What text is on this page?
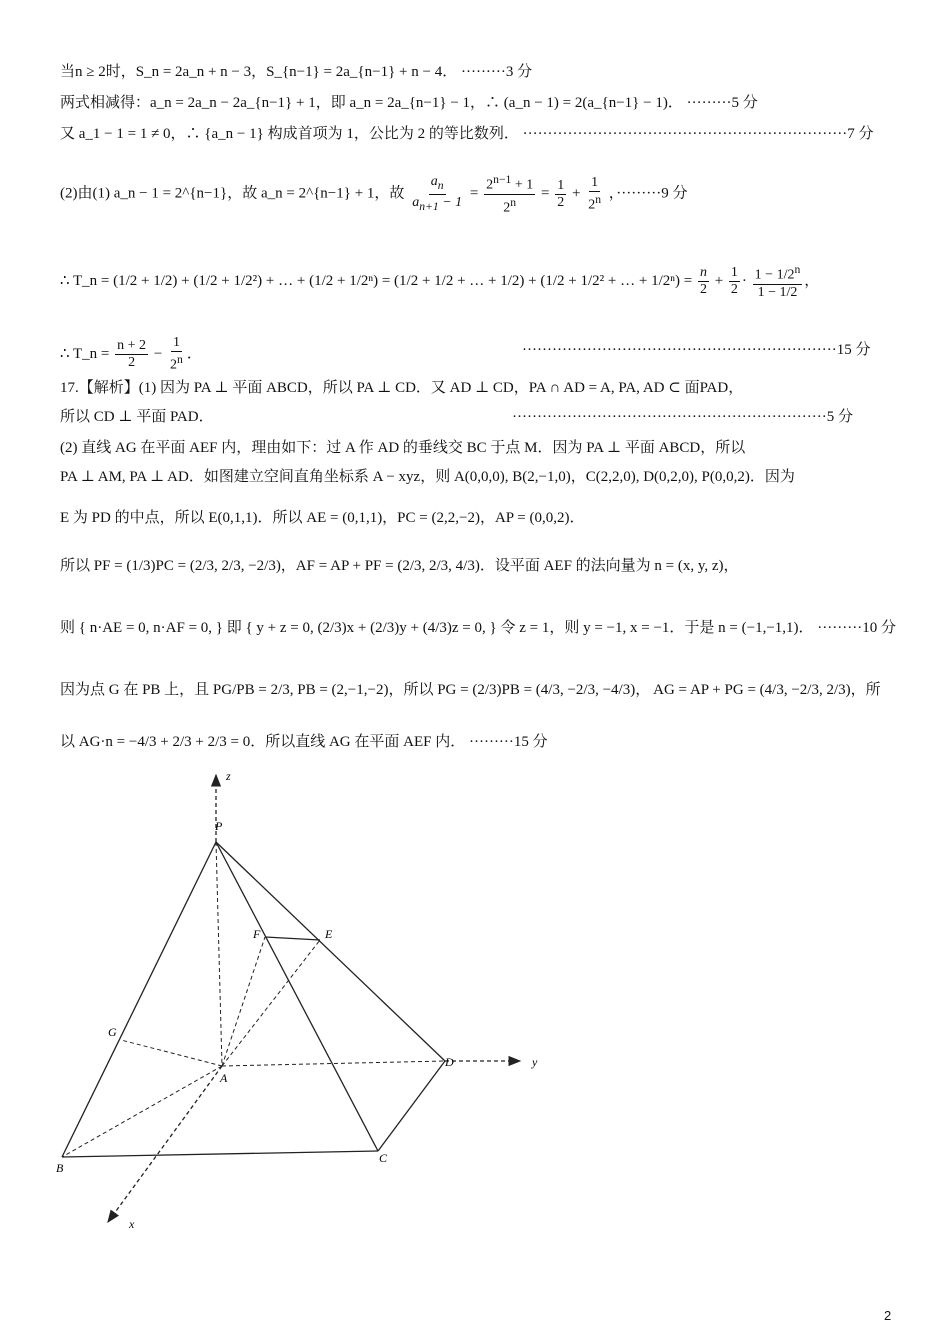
当n ≥ 2时，S_n = 2a_n + n − 3，S_{n−1} = 2a_{n−1} + n − 4． ·········3 分
两式相减得：a_n = 2a_n − 2a_{n−1} + 1，即 a_n = 2a_{n−1} − 1，∴ (a_n − 1) = 2(a_{n−1} − 1)． ·········5 分
又 a_1 − 1 = 1 ≠ 0，∴ {a_n − 1} 构成首项为 1，公比为 2 的等比数列． ·································································7 分
(2)由(1) a_n − 1 = 2^{n−1}，故 a_n = 2^{n−1} + 1，故 $\frac{a_n}{a_{n+1} - 1} = \frac{2^{n-1} + 1}{2^n} = \frac{1}{2} + \frac{1}{2^n}$ ，·········9 分
∴ T_n = (1/2 + 1/2) + (1/2 + 1/2²) + … + (1/2 + 1/2ⁿ) = (1/2 + 1/2 + … + 1/2) + (1/2 + 1/2² + … + $1/2^n) = \frac{n}{2} + \frac{1}{2} \cdot \frac{1 - 1/2^n}{1 - 1/2}$ ，
∴ T_n = $\frac{n + 2}{2} - \frac{1}{2^n}$ ．	·······························································15 分
17.【解析】(1) 因为 PA ⊥ 平面 ABCD，所以 PA ⊥ CD．又 AD ⊥ CD，PA ∩ AD = A, PA, AD ⊂ 面PAD，
所以 CD ⊥ 平面 PAD．	·······························································5 分
(2) 直线 AG 在平面 AEF 内，理由如下：过 A 作 AD 的垂线交 BC 于点 M．因为 PA ⊥ 平面 ABCD，所以
PA ⊥ AM, PA ⊥ AD．如图建立空间直角坐标系 A − xyz，则 A(0,0,0), B(2,−1,0)，C(2,2,0), D(0,2,0), P(0,0,2)．因为
E 为 PD 的中点，所以 E(0,1,1)．所以 AE = (0,1,1)，PC = (2,2,−2)，AP = (0,0,2)．
所以 PF = (1/3)PC = (2/3, 2/3, −2/3)，AF = AP + PF = (2/3, 2/3, 4/3)．设平面 AEF 的法向量为 n = (x, y, z)，
则 { n·AE = 0, n·AF = 0, } 即 { y + z = 0, (2/3)x + (2/3)y + (4/3)z = 0, } 令 z = 1，则 y = −1, x = −1．于是 n = (−1,−1,1)． ·········10 分
因为点 G 在 PB 上，且 PG/PB = 2/3, PB = (2,−1,−2)，所以 PG = (2/3)PB = (4/3, −2/3, −4/3)， AG = AP + PG = (4/3, −2/3, 2/3)，所
以 AG·n = −4/3 + 2/3 + 2/3 = 0．所以直线 AG 在平面 AEF 内． ·········15 分
z
y
x
P
F	E
G
A
D
B
C
2
